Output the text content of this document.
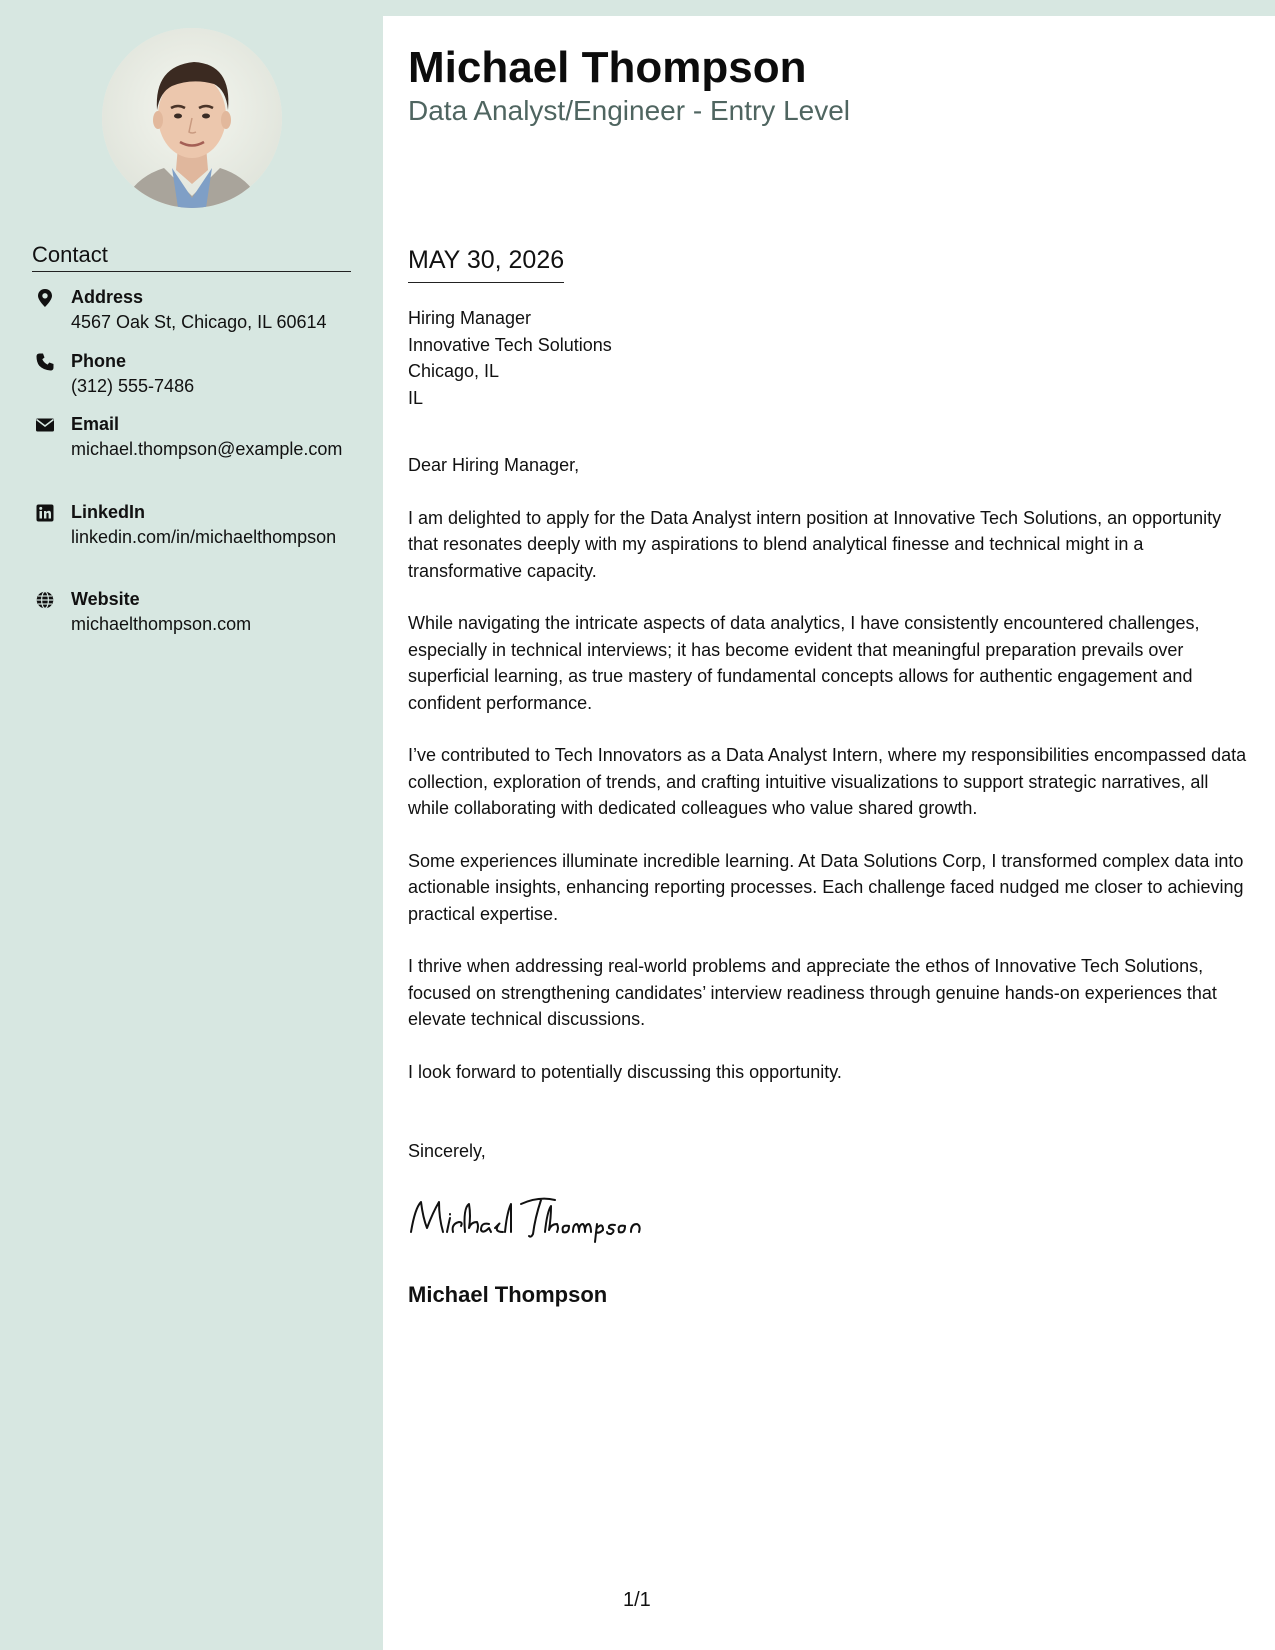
Contact
Address
4567 Oak St, Chicago, IL 60614
Phone
(312) 555-7486
Email
michael.thompson@example.com
LinkedIn
linkedin.com/in/michaelthompson
Website
michaelthompson.com
Michael Thompson
Data Analyst/Engineer - Entry Level
MAY 30, 2026
Hiring Manager
Innovative Tech Solutions
Chicago, IL
IL

Dear Hiring Manager,

I am delighted to apply for the Data Analyst intern position at Innovative Tech Solutions, an opportunity that resonates deeply with my aspirations to blend analytical finesse and technical might in a transformative capacity.

While navigating the intricate aspects of data analytics, I have consistently encountered challenges, especially in technical interviews; it has become evident that meaningful preparation prevails over superficial learning, as true mastery of fundamental concepts allows for authentic engagement and confident performance.

I’ve contributed to Tech Innovators as a Data Analyst Intern, where my responsibilities encompassed data collection, exploration of trends, and crafting intuitive visualizations to support strategic narratives, all while collaborating with dedicated colleagues who value shared growth.

Some experiences illuminate incredible learning. At Data Solutions Corp, I transformed complex data into actionable insights, enhancing reporting processes. Each challenge faced nudged me closer to achieving practical expertise.

I thrive when addressing real-world problems and appreciate the ethos of Innovative Tech Solutions, focused on strengthening candidates’ interview readiness through genuine hands-on experiences that elevate technical discussions.

I look forward to potentially discussing this opportunity.

Sincerely,
Michael Thompson
1/1
